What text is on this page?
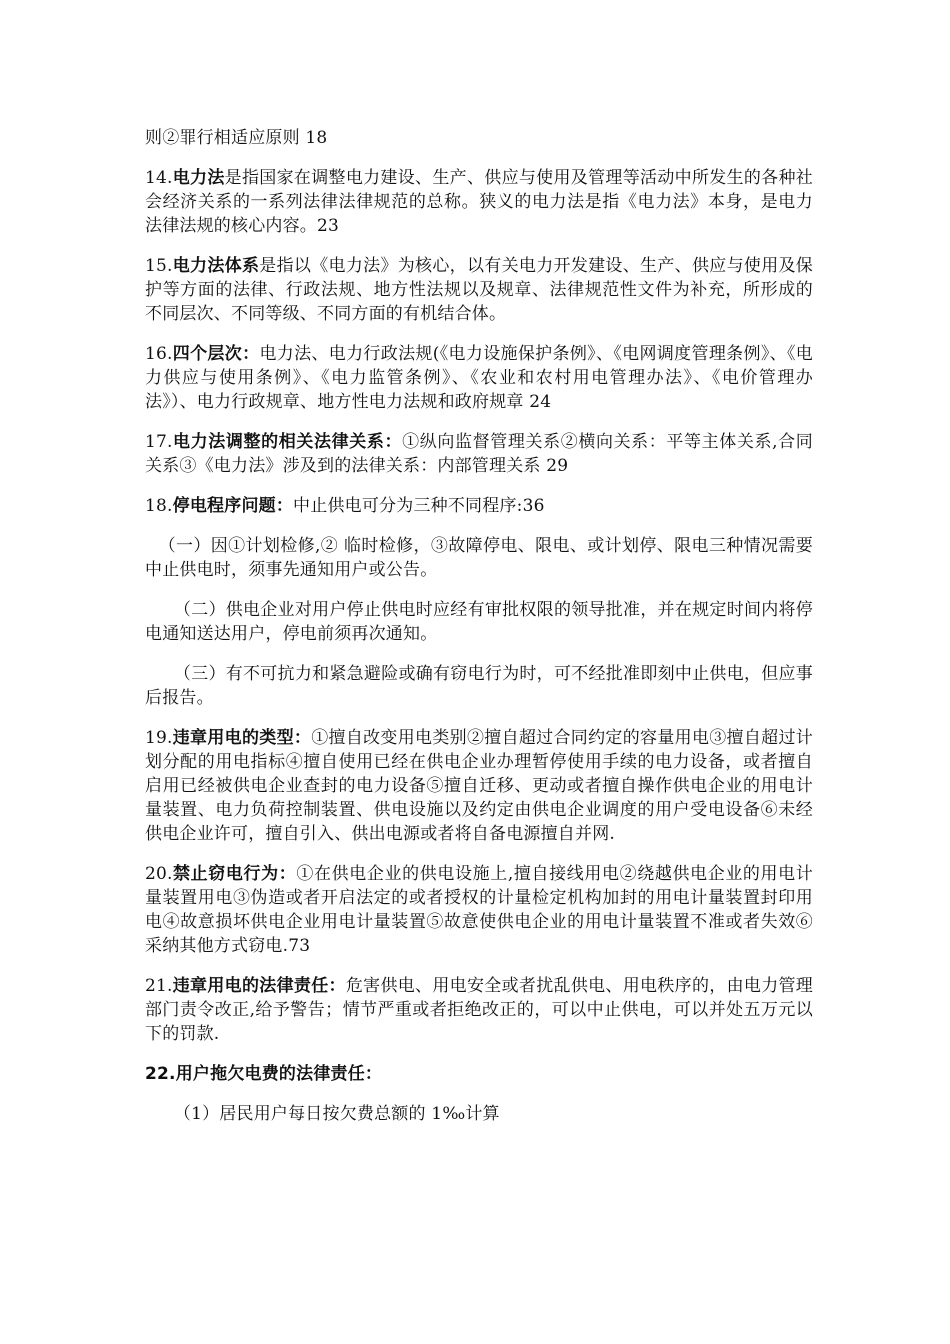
则②罪行相适应原则 18

14.电力法是指国家在调整电力建设、生产、供应与使用及管理等活动中所发生的各种社会经济关系的一系列法律法律规范的总称。狭义的电力法是指《电力法》本身，是电力法律法规的核心内容。23

15.电力法体系是指以《电力法》为核心，以有关电力开发建设、生产、供应与使用及保护等方面的法律、行政法规、地方性法规以及规章、法律规范性文件为补充，所形成的不同层次、不同等级、不同方面的有机结合体。

16.四个层次：电力法、电力行政法规(《电力设施保护条例》、《电网调度管理条例》、《电力供应与使用条例》、《电力监管条例》、《农业和农村用电管理办法》、《电价管理办法》）、电力行政规章、地方性电力法规和政府规章 24

17.电力法调整的相关法律关系：①纵向监督管理关系②横向关系：平等主体关系,合同关系③《电力法》涉及到的法律关系：内部管理关系 29

18.停电程序问题：中止供电可分为三种不同程序:36

（一）因①计划检修,② 临时检修，③故障停电、限电、或计划停、限电三种情况需要中止供电时，须事先通知用户或公告。

（二）供电企业对用户停止供电时应经有审批权限的领导批准，并在规定时间内将停电通知送达用户，停电前须再次通知。

（三）有不可抗力和紧急避险或确有窃电行为时，可不经批准即刻中止供电，但应事后报告。

19.违章用电的类型：①擅自改变用电类别②擅自超过合同约定的容量用电③擅自超过计划分配的用电指标④擅自使用已经在供电企业办理暂停使用手续的电力设备，或者擅自启用已经被供电企业查封的电力设备⑤擅自迁移、更动或者擅自操作供电企业的用电计量装置、电力负荷控制装置、供电设施以及约定由供电企业调度的用户受电设备⑥未经供电企业许可，擅自引入、供出电源或者将自备电源擅自并网.

20.禁止窃电行为：①在供电企业的供电设施上,擅自接线用电②绕越供电企业的用电计量装置用电③伪造或者开启法定的或者授权的计量检定机构加封的用电计量装置封印用电④故意损坏供电企业用电计量装置⑤故意使供电企业的用电计量装置不准或者失效⑥采纳其他方式窃电.73

21.违章用电的法律责任：危害供电、用电安全或者扰乱供电、用电秩序的，由电力管理部门责令改正,给予警告；情节严重或者拒绝改正的，可以中止供电，可以并处五万元以下的罚款.

22.用户拖欠电费的法律责任：

（1）居民用户每日按欠费总额的 1‰计算
